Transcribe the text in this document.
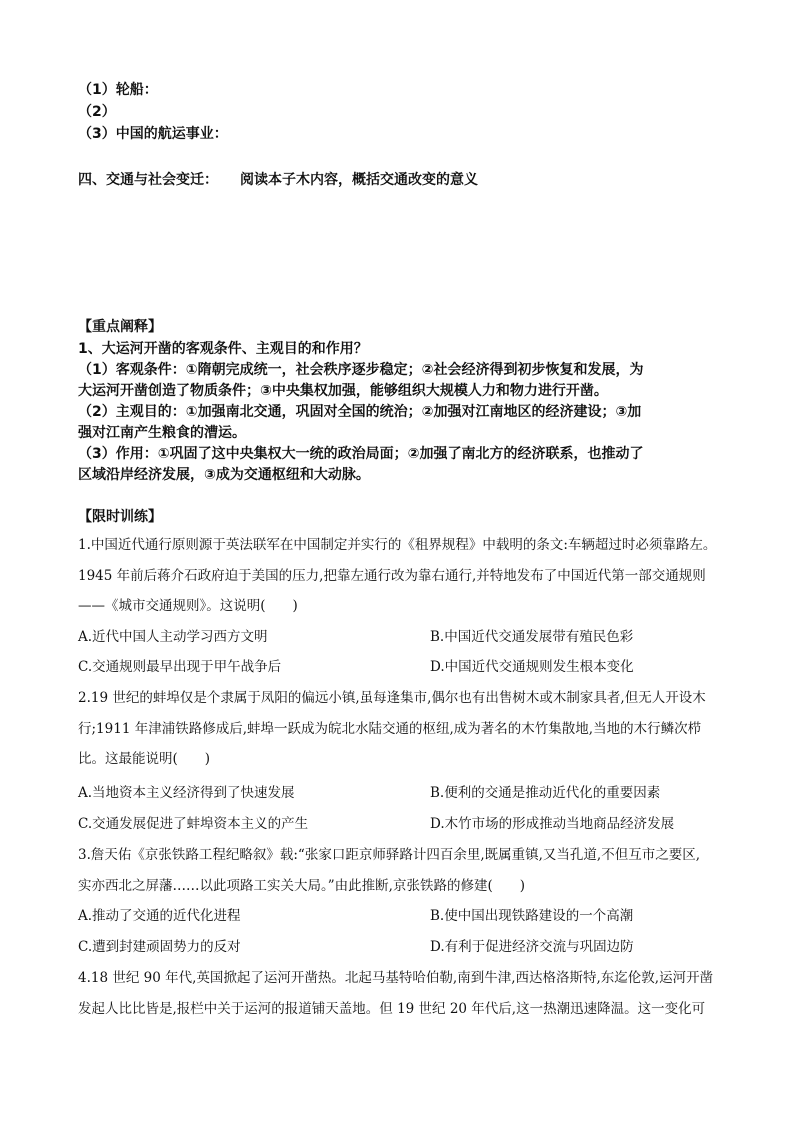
（1）轮船：
（2）
（3）中国的航运事业：
四、交通与社会变迁： 阅读本子木内容，概括交通改变的意义
【重点阐释】
1、大运河开凿的客观条件、主观目的和作用？
（1）客观条件：①隋朝完成统一，社会秩序逐步稳定；②社会经济得到初步恢复和发展，为
大运河开凿创造了物质条件；③中央集权加强，能够组织大规模人力和物力进行开凿。
（2）主观目的：①加强南北交通，巩固对全国的统治；②加强对江南地区的经济建设；③加
强对江南产生粮食的漕运。
（3）作用：①巩固了这中央集权大一统的政治局面；②加强了南北方的经济联系，也推动了
区域沿岸经济发展，③成为交通枢纽和大动脉。
【限时训练】
1.中国近代通行原则源于英法联军在中国制定并实行的《租界规程》中载明的条文:车辆超过时必须靠路左。
1945 年前后蒋介石政府迫于美国的压力,把靠左通行改为靠右通行,并特地发布了中国近代第一部交通规则
——《城市交通规则》。这说明(　　)
A.近代中国人主动学习西方文明	B.中国近代交通发展带有殖民色彩
C.交通规则最早出现于甲午战争后	D.中国近代交通规则发生根本变化
2.19 世纪的蚌埠仅是个隶属于凤阳的偏远小镇,虽每逢集市,偶尔也有出售树木或木制家具者,但无人开设木
行;1911 年津浦铁路修成后,蚌埠一跃成为皖北水陆交通的枢纽,成为著名的木竹集散地,当地的木行鳞次栉
比。这最能说明(　　)
A.当地资本主义经济得到了快速发展	B.便利的交通是推动近代化的重要因素
C.交通发展促进了蚌埠资本主义的产生	D.木竹市场的形成推动当地商品经济发展
3.詹天佑《京张铁路工程纪略叙》载:“张家口距京师驿路计四百余里,既属重镇,又当孔道,不但互市之要区,
实亦西北之屏藩……以此项路工实关大局。”由此推断,京张铁路的修建(　　)
A.推动了交通的近代化进程	B.使中国出现铁路建设的一个高潮
C.遭到封建顽固势力的反对	D.有利于促进经济交流与巩固边防
4.18 世纪 90 年代,英国掀起了运河开凿热。北起马基特哈伯勒,南到牛津,西达格洛斯特,东迄伦敦,运河开凿
发起人比比皆是,报栏中关于运河的报道铺天盖地。但 19 世纪 20 年代后,这一热潮迅速降温。这一变化可
